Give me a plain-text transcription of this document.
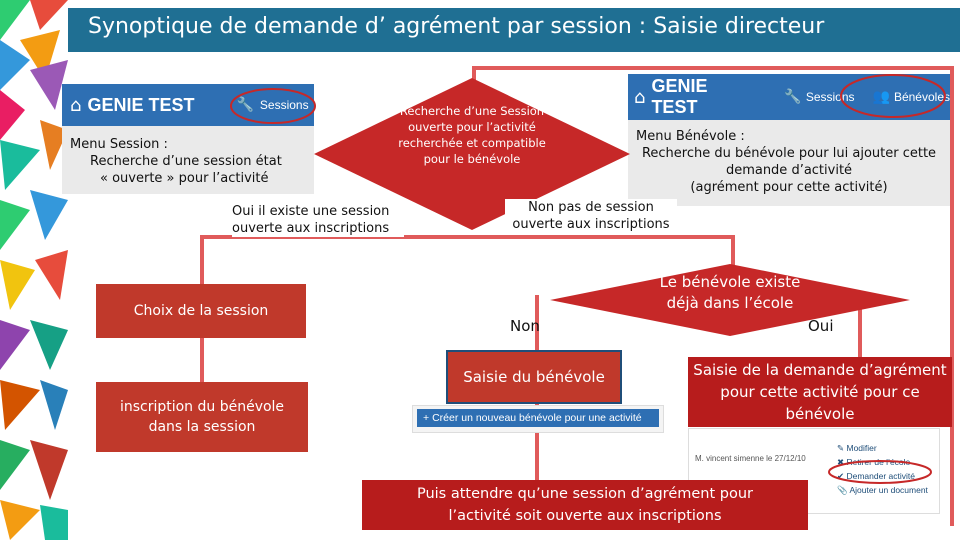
Synoptique de demande d’ agrément par session : Saisie directeur
⌂ GENIE TEST	🔧 Sessions
Menu Session :
Recherche d’une session état
« ouverte » pour l’activité
⌂
GENIE TEST	🔧 Sessions 👥 Bénévoles
Menu Bénévole :
Recherche du bénévole pour lui ajouter cette
demande d’activité
(agrément pour cette activité)
Recherche d’une Session
ouverte pour l’activité
recherchée et compatible
pour le bénévole
Oui il existe une session
ouverte aux inscriptions
Non pas de session
ouverte aux inscriptions
Choix de la session
inscription du bénévole
dans la session
Le bénévole existe
déjà dans l’école
Non	Oui
Saisie du bénévole
+ Créer un nouveau bénévole pour une activité
Saisie de la demande d’agrément
pour cette activité pour ce
bénévole
M. vincent simenne le 27/12/10
✎ Modifier
✖ Retirer de l’école
✔ Demander activité
📎 Ajouter un document
Puis attendre qu’une session d’agrément pour
l’activité soit ouverte aux inscriptions
